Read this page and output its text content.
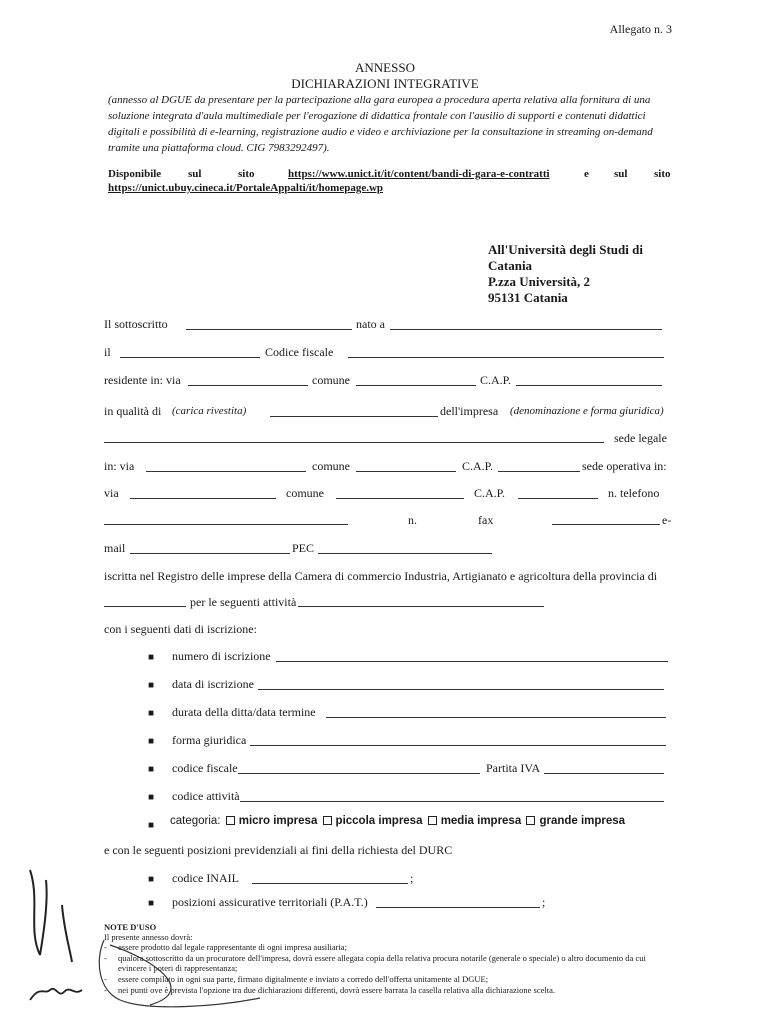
Allegato n. 3
ANNESSO
DICHIARAZIONI INTEGRATIVE
(annesso al DGUE da presentare per la partecipazione alla gara europea a procedura aperta relativa alla fornitura di una
soluzione integrata d'aula multimediale per l'erogazione di didattica frontale con l'ausilio di supporti e contenuti didattici
digitali e possibilità di e-learning, registrazione audio e video e archiviazione per la consultazione in streaming on-demand
tramite una piattaforma cloud. CIG 7983292497).
Disponibile sul	sito	https://www.unict.it/it/content/bandi-di-gara-e-contratti	e sul sito
https://unict.ubuy.cineca.it/PortaleAppalti/it/homepage.wp
All'Università degli Studi di
Catania
P.zza Università, 2
95131 Catania
Il sottoscritto	nato a
il	Codice fiscale
residente in: via	comune	C.A.P.
in qualità di (carica rivestita)	dell'impresa (denominazione e forma giuridica)
sede legale
in: via	comune	C.A.P.	sede operativa in:
via	comune	C.A.P.	n. telefono
n.	fax	e-
mail	PEC
iscritta nel Registro delle imprese della Camera di commercio Industria, Artigianato e agricoltura della provincia di
per le seguenti attività
con i seguenti dati di iscrizione:
■ numero di iscrizione
■ data di iscrizione
■ durata della ditta/data termine
■ forma giuridica
■ codice fiscale	Partita IVA
■ codice attività
■ categoria: micro impresa piccola impresa media impresa grande impresa
e con le seguenti posizioni previdenziali ai fini della richiesta del DURC
■ codice INAIL	;
■ posizioni assicurative territoriali (P.A.T.)	;
NOTE D'USO
Il presente annesso dovrà:
- essere prodotto dal legale rappresentante di ogni impresa ausiliaria;
- qualora sottoscritto da un procuratore dell'impresa, dovrà essere allegata copia della relativa procura notarile (generale o speciale) o altro documento da cui
evincere i poteri di rappresentanza;
- essere compilato in ogni sua parte, firmato digitalmente e inviato a corredo dell'offerta unitamente al DGUE;
- nei punti ove è prevista l'opzione tra due dichiarazioni differenti, dovrà essere barrata la casella relativa alla dichiarazione scelta.
